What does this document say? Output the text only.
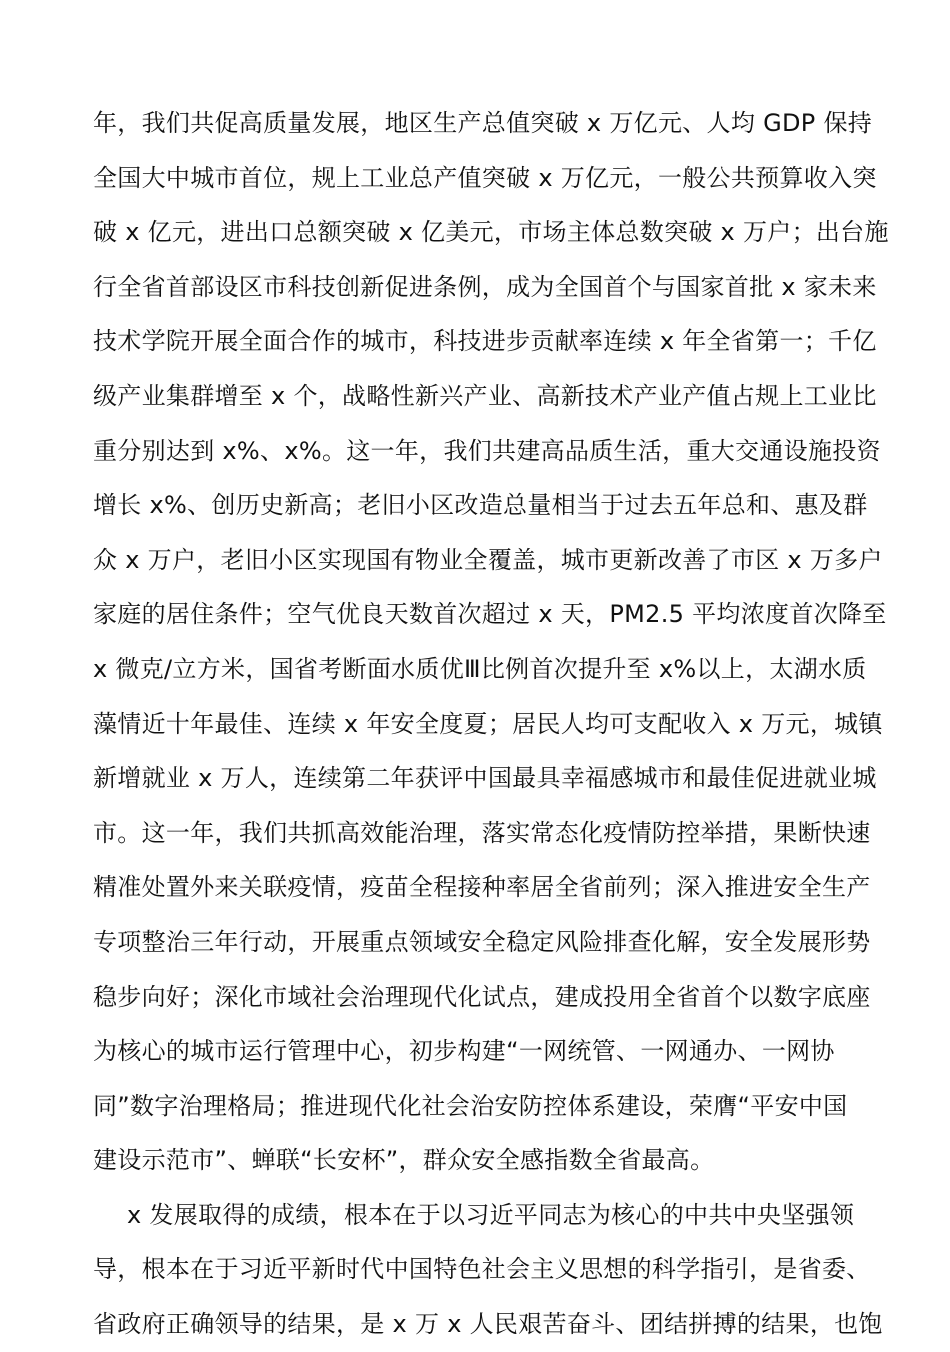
年，我们共促高质量发展，地区生产总值突破 x 万亿元、人均 GDP 保持
全国大中城市首位，规上工业总产值突破 x 万亿元，一般公共预算收入突
破 x 亿元，进出口总额突破 x 亿美元，市场主体总数突破 x 万户；出台施
行全省首部设区市科技创新促进条例，成为全国首个与国家首批 x 家未来
技术学院开展全面合作的城市，科技进步贡献率连续 x 年全省第一；千亿
级产业集群增至 x 个，战略性新兴产业、高新技术产业产值占规上工业比
重分别达到 x%、x%。这一年，我们共建高品质生活，重大交通设施投资
增长 x%、创历史新高；老旧小区改造总量相当于过去五年总和、惠及群
众 x 万户，老旧小区实现国有物业全覆盖，城市更新改善了市区 x 万多户
家庭的居住条件；空气优良天数首次超过 x 天，PM2.5 平均浓度首次降至
x 微克/立方米，国省考断面水质优Ⅲ比例首次提升至 x%以上，太湖水质
藻情近十年最佳、连续 x 年安全度夏；居民人均可支配收入 x 万元，城镇
新增就业 x 万人，连续第二年获评中国最具幸福感城市和最佳促进就业城
市。这一年，我们共抓高效能治理，落实常态化疫情防控举措，果断快速
精准处置外来关联疫情，疫苗全程接种率居全省前列；深入推进安全生产
专项整治三年行动，开展重点领域安全稳定风险排查化解，安全发展形势
稳步向好；深化市域社会治理现代化试点，建成投用全省首个以数字底座
为核心的城市运行管理中心，初步构建“一网统管、一网通办、一网协
同”数字治理格局；推进现代化社会治安防控体系建设，荣膺“平安中国
建设示范市”、蝉联“长安杯”，群众安全感指数全省最高。
x 发展取得的成绩，根本在于以习近平同志为核心的中共中央坚强领
导，根本在于习近平新时代中国特色社会主义思想的科学指引，是省委、
省政府正确领导的结果，是 x 万 x 人民艰苦奋斗、团结拼搏的结果，也饱
